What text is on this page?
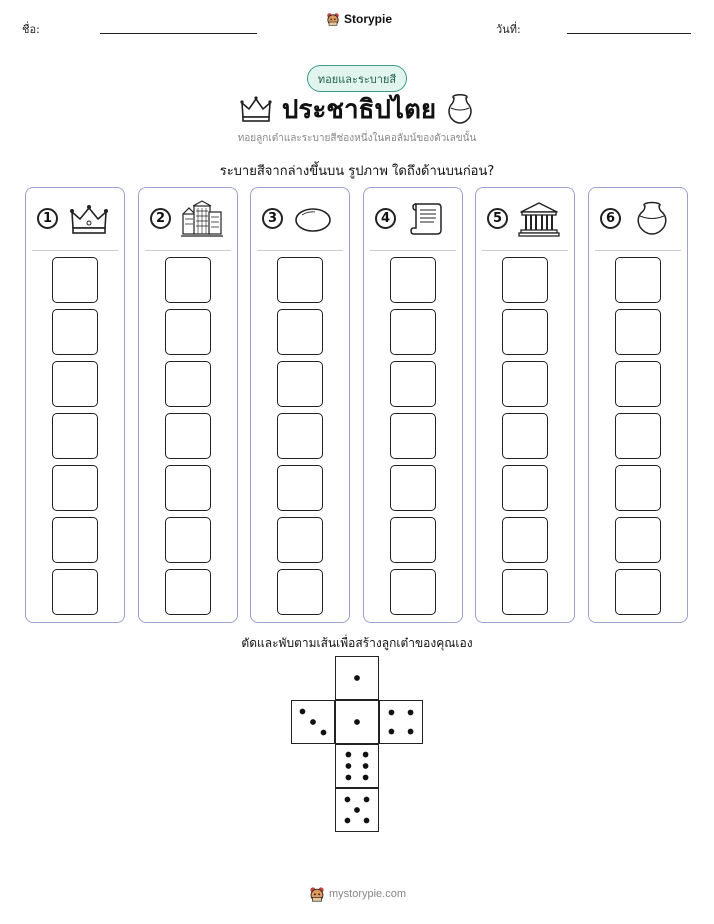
ชื่อ:
Storypie
วันที่:
ทอยและระบายสี
ประชาธิปไตย
ทอยลูกเต๋าและระบายสีช่องหนึ่งในคอลัมน์ของตัวเลขนั้น
ระบายสีจากล่างขึ้นบน รูปภาพ ใดถึงด้านบนก่อน?
1	2	3	4	5	6
ตัดและพับตามเส้นเพื่อสร้างลูกเต๋าของคุณเอง
mystorypie.com
